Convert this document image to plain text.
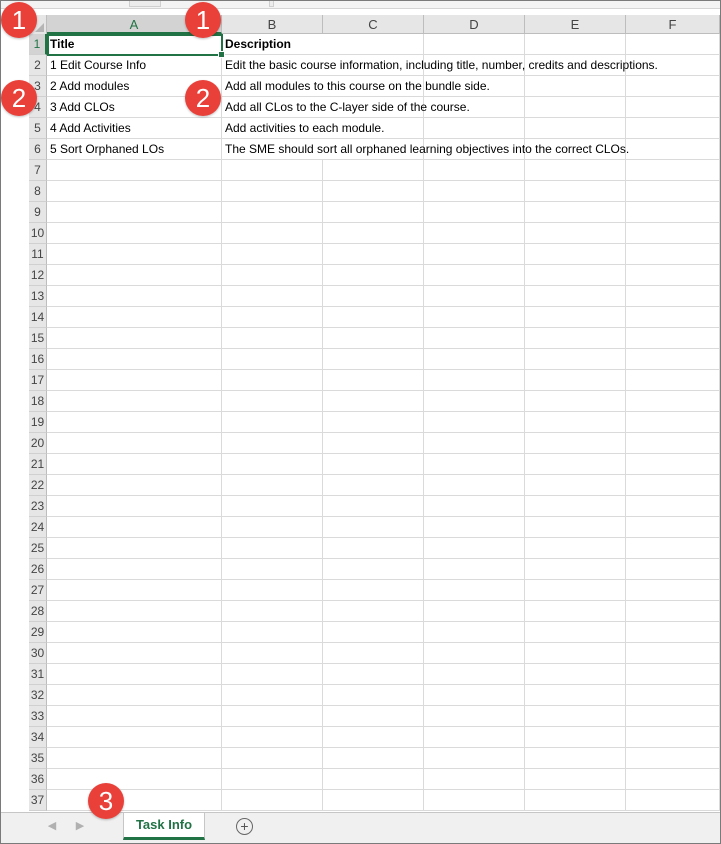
A	B	C	D	E	F
1 Title	Description
2 1 Edit Course Info	Edit the basic course information, including title, number, credits and descriptions.
3 2 Add modules	Add all modules to this course on the bundle side.
4 3 Add CLOs	Add all CLos to the C-layer side of the course.
5 4 Add Activities	Add activities to each module.
6 5 Sort Orphaned LOs	The SME should sort all orphaned learning objectives into the correct CLOs.
7
8
9
10
11
12
13
14
15
16
17
18
19
20
21
22
23
24
25
26
27
28
29
30
31
32
33
34
35
36
37
◀ ▶	Task Info	+
1	1
2	2
3
